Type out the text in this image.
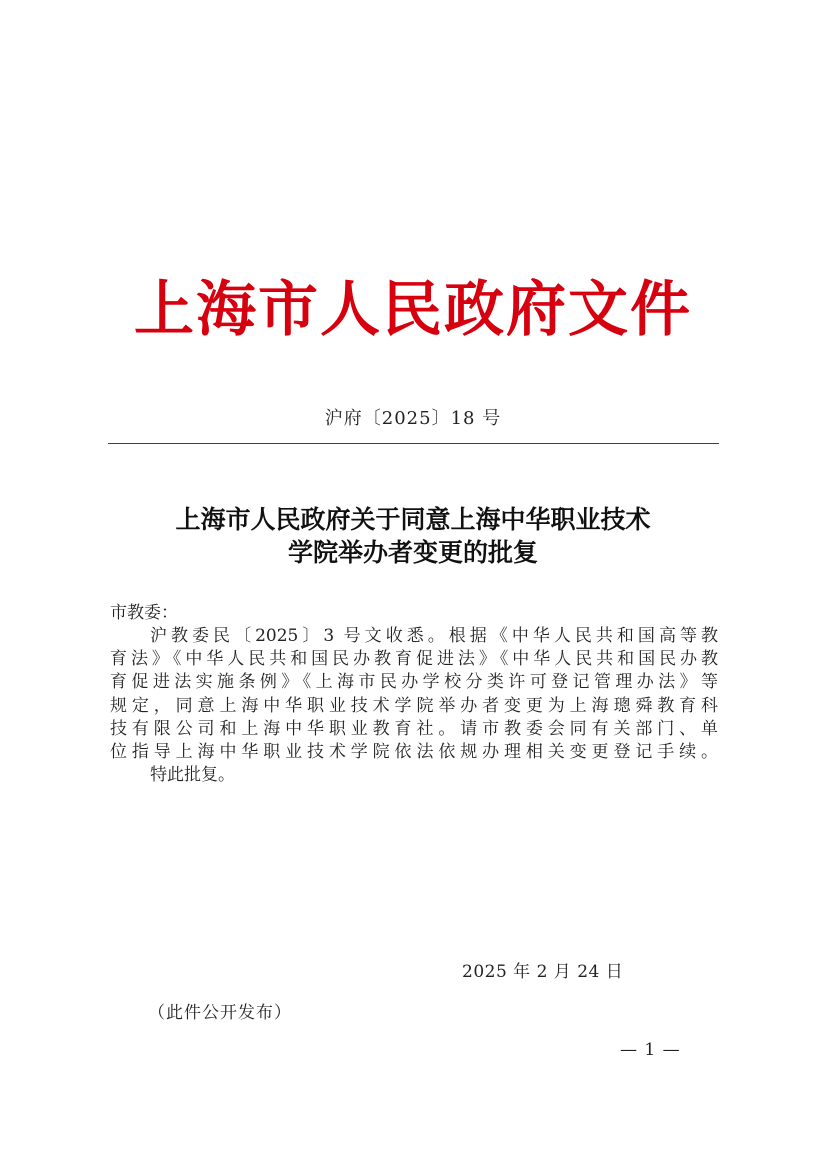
上海市人民政府文件
沪府〔2025〕18 号
上海市人民政府关于同意上海中华职业技术
学院举办者变更的批复
市教委：
沪教委民〔2025〕3 号文收悉。根据《中华人民共和国高等教
育法》《中华人民共和国民办教育促进法》《中华人民共和国民办教
育促进法实施条例》《上海市民办学校分类许可登记管理办法》等
规定，同意上海中华职业技术学院举办者变更为上海璁舜教育科
技有限公司和上海中华职业教育社。请市教委会同有关部门、单
位指导上海中华职业技术学院依法依规办理相关变更登记手续。
特此批复。
2025 年 2 月 24 日
（此件公开发布）
— 1 —
